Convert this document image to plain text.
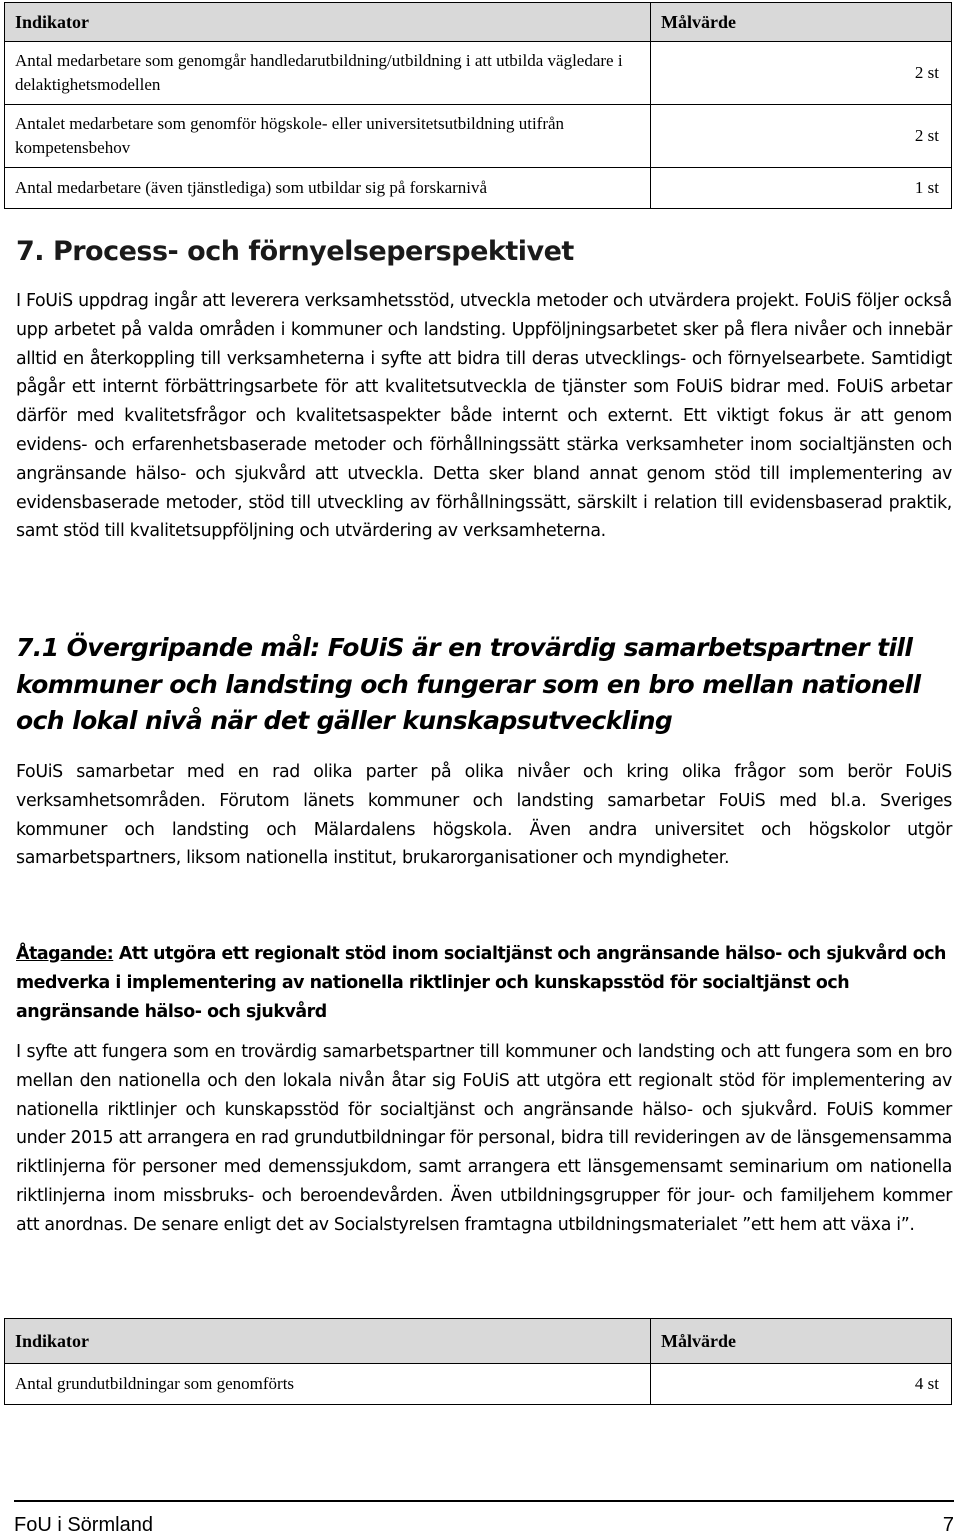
Indikator	Målvärde
Antal medarbetare som genomgår handledarutbildning/utbildning i att utbilda vägledare i delaktighetsmodellen	2 st
Antalet medarbetare som genomför högskole- eller universitetsutbildning utifrån kompetensbehov	2 st
Antal medarbetare (även tjänstlediga) som utbildar sig på forskarnivå	1 st
7. Process- och förnyelseperspektivet

I FoUiS uppdrag ingår att leverera verksamhetsstöd, utveckla metoder och utvärdera projekt. FoUiS följer också upp arbetet på valda områden i kommuner och landsting. Uppföljningsarbetet sker på flera nivåer och innebär alltid en återkoppling till verksamheterna i syfte att bidra till deras utvecklings- och förnyelsearbete. Samtidigt pågår ett internt förbättringsarbete för att kvalitetsutveckla de tjänster som FoUiS bidrar med. FoUiS arbetar därför med kvalitetsfrågor och kvalitetsaspekter både internt och externt. Ett viktigt fokus är att genom evidens- och erfarenhetsbaserade metoder och förhållningssätt stärka verksamheter inom socialtjänsten och angränsande hälso- och sjukvård att utveckla. Detta sker bland annat genom stöd till implementering av evidensbaserade metoder, stöd till utveckling av förhållningssätt, särskilt i relation till evidensbaserad praktik, samt stöd till kvalitetsuppföljning och utvärdering av verksamheterna.

7.1 Övergripande mål: FoUiS är en trovärdig samarbetspartner till kommuner och landsting och fungerar som en bro mellan nationell och lokal nivå när det gäller kunskapsutveckling

FoUiS samarbetar med en rad olika parter på olika nivåer och kring olika frågor som berör FoUiS verksamhetsområden. Förutom länets kommuner och landsting samarbetar FoUiS med bl.a. Sveriges kommuner och landsting och Mälardalens högskola. Även andra universitet och högskolor utgör samarbetspartners, liksom nationella institut, brukarorganisationer och myndigheter.

Åtagande: Att utgöra ett regionalt stöd inom socialtjänst och angränsande hälso- och sjukvård och medverka i implementering av nationella riktlinjer och kunskapsstöd för socialtjänst och angränsande hälso- och sjukvård

I syfte att fungera som en trovärdig samarbetspartner till kommuner och landsting och att fungera som en bro mellan den nationella och den lokala nivån åtar sig FoUiS att utgöra ett regionalt stöd för implementering av nationella riktlinjer och kunskapsstöd för socialtjänst och angränsande hälso- och sjukvård. FoUiS kommer under 2015 att arrangera en rad grundutbildningar för personal, bidra till revideringen av de länsgemensamma riktlinjerna för personer med demenssjukdom, samt arrangera ett länsgemensamt seminarium om nationella riktlinjerna inom missbruks- och beroendevården. Även utbildningsgrupper för jour- och familjehem kommer att anordnas. De senare enligt det av Socialstyrelsen framtagna utbildningsmaterialet ”ett hem att växa i”.

Indikator	Målvärde
Antal grundutbildningar som genomförts	4 st
FoU i Sörmland	7
